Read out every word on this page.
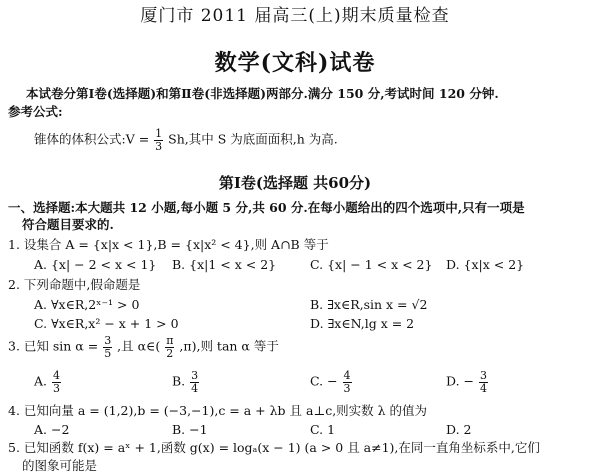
厦门市 2011 届高三(上)期末质量检查
数学(文科)试卷
本试卷分第Ⅰ卷(选择题)和第Ⅱ卷(非选择题)两部分.满分 150 分,考试时间 120 分钟.
参考公式:
锥体的体积公式:V = $\frac{1}{3} Sh$,其中 S 为底面面积,h 为高.
第Ⅰ卷(选择题 共60分)
一、选择题:本大题共 12 小题,每小题 5 分,共 60 分.在每小题给出的四个选项中,只有一项是
符合题目要求的.
1. 设集合 A = {x|x < 1},B = {x|x² < 4},则 A∩B 等于
A. {x| − 2 < x < 1} B. {x|1 < x < 2}	C. {x| − 1 < x < 2} D. {x|x < 2}
2. 下列命题中,假命题是
A. ∀x∈R,2ˣ⁻¹ > 0	B. ∃x∈R,sin x = √2
C. ∀x∈R,x² − x + 1 > 0	D. ∃x∈N,lg x = 2
3. 已知 $\sin \alpha = \frac{3}{5}$ ,且 α∈( $\frac{\pi}{2} ,\pi$),则 tan α 等于
A. $\frac{4}{3}$	B. $\frac{3}{4}$	C. − $\frac{4}{3}$	D. − $\frac{3}{4}$
4. 已知向量 a = (1,2),b = (−3,−1),c = a + λb 且 a⊥c,则实数 λ 的值为
A. −2	B. −1	C. 1	D. 2
5. 已知函数 f(x) = aˣ + 1,函数 g(x) = logₐ(x − 1) (a > 0 且 a≠1),在同一直角坐标系中,它们
的图象可能是
